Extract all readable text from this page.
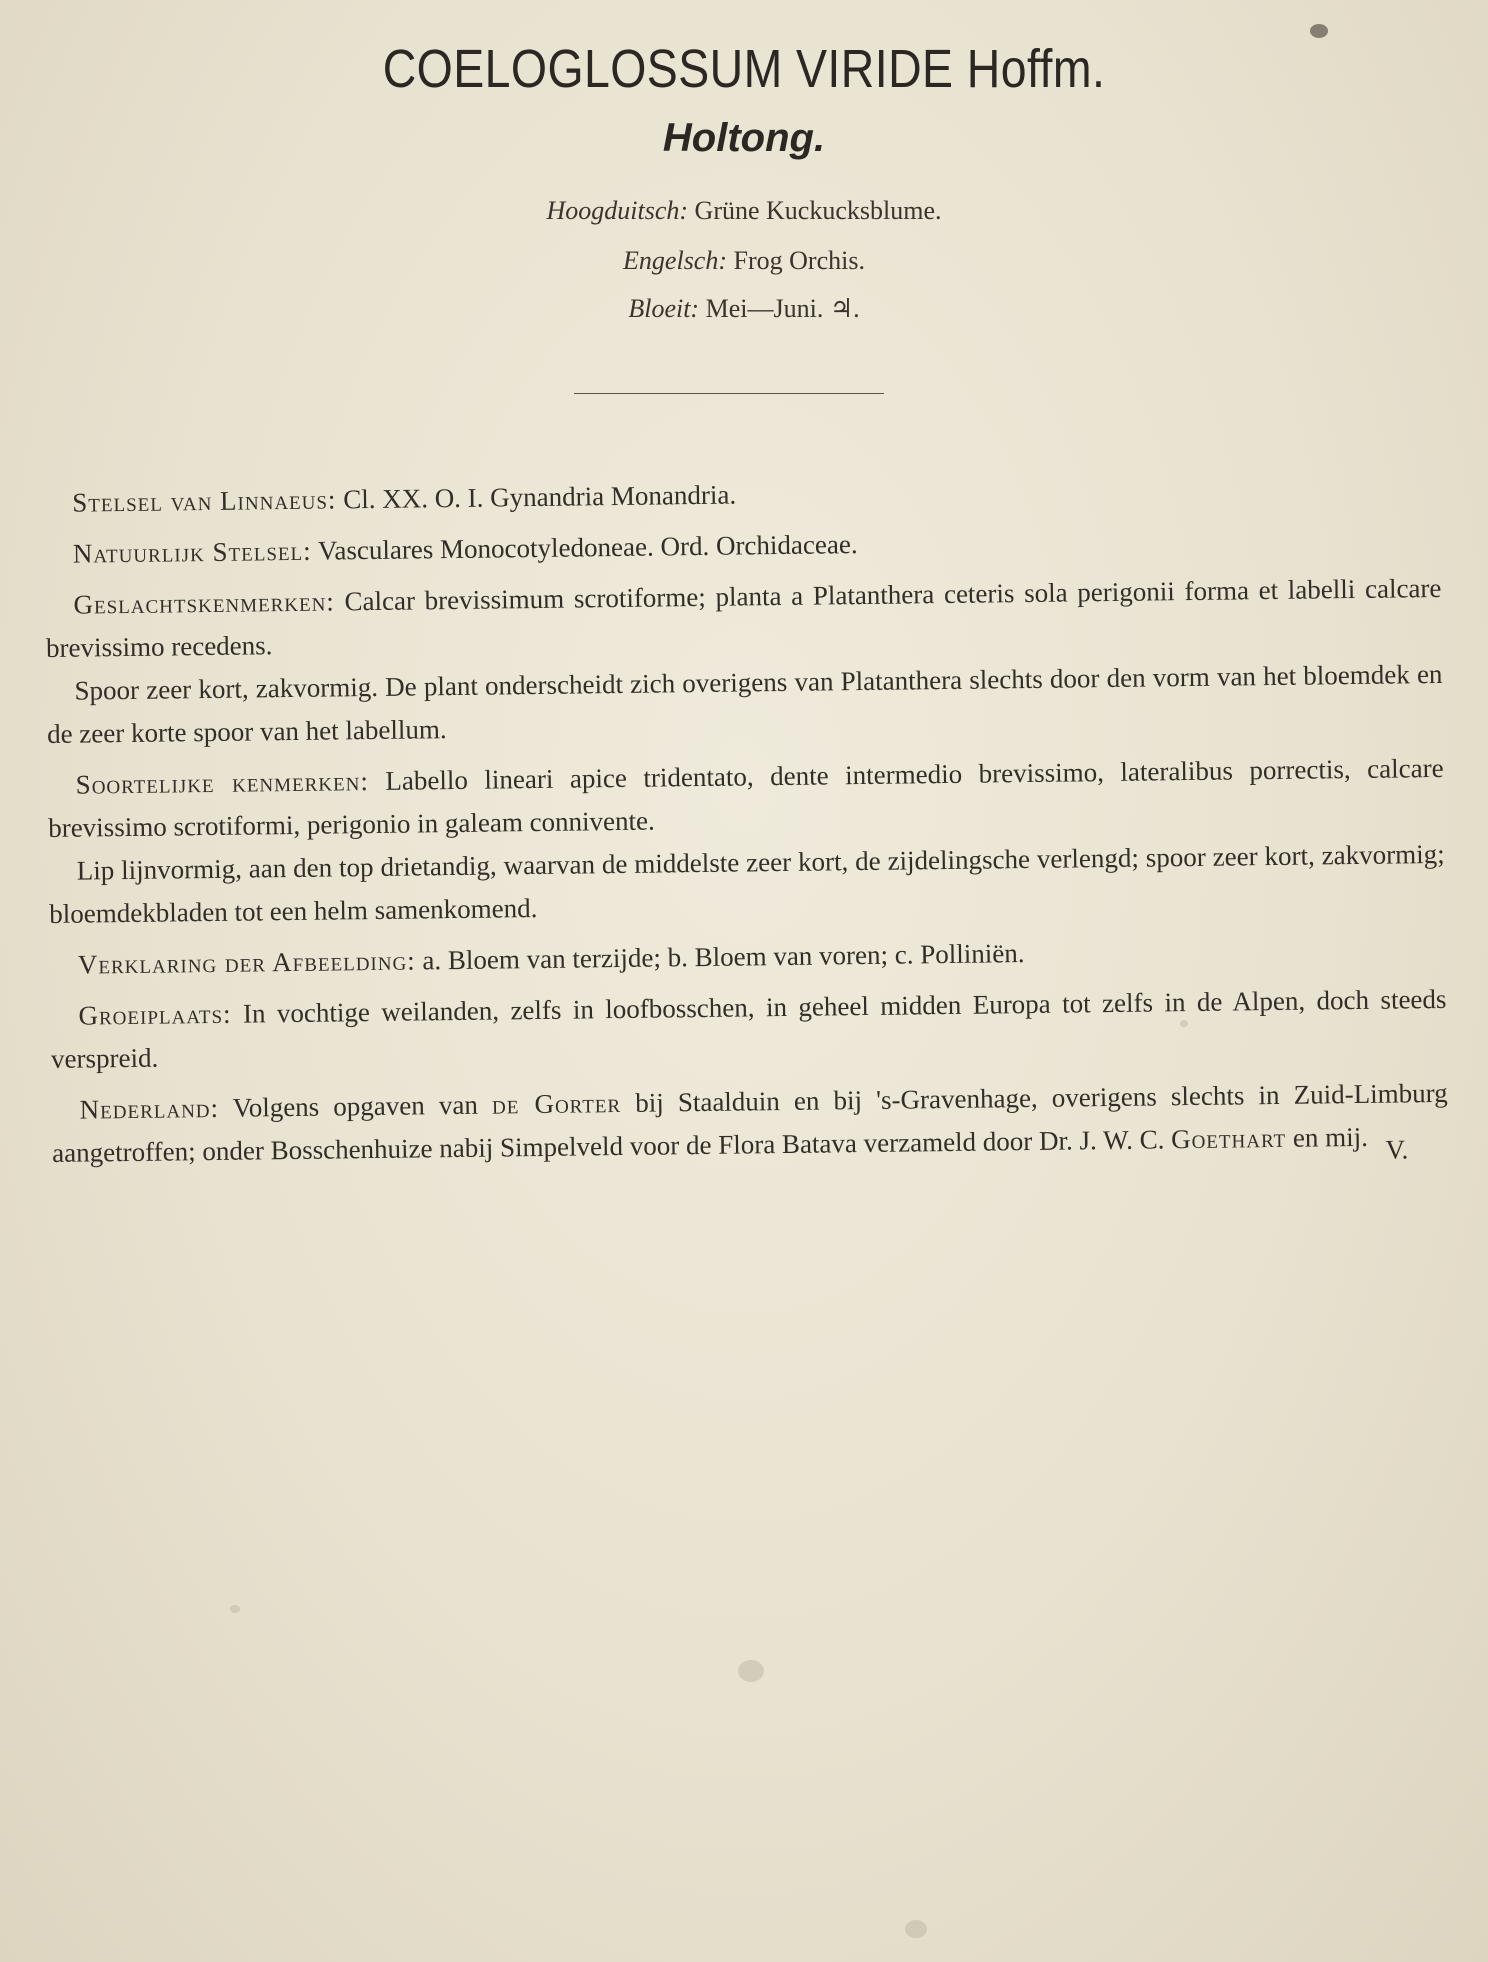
COELOGLOSSUM VIRIDE Hoffm.
Holtong.
Hoogduitsch: Grüne Kuckucksblume.
Engelsch: Frog Orchis.
Bloeit: Mei—Juni. ♃.

Stelsel van Linnaeus: Cl. XX. O. I. Gynandria Monandria.

Natuurlijk Stelsel: Vasculares Monocotyledoneae. Ord. Orchidaceae.

Geslachtskenmerken: Calcar brevissimum scrotiforme; planta a Platanthera ceteris sola perigonii forma et labelli calcare brevissimo recedens.

Spoor zeer kort, zakvormig. De plant onderscheidt zich overigens van Platanthera slechts door den vorm van het bloemdek en de zeer korte spoor van het labellum.

Soortelijke kenmerken: Labello lineari apice tridentato, dente intermedio brevissimo, lateralibus porrectis, calcare brevissimo scrotiformi, perigonio in galeam connivente.

Lip lijnvormig, aan den top drietandig, waarvan de middelste zeer kort, de zijdelingsche verlengd; spoor zeer kort, zakvormig; bloemdekbladen tot een helm samenkomend.

Verklaring der Afbeelding: a. Bloem van terzijde; b. Bloem van voren; c. Polliniën.

Groeiplaats: In vochtige weilanden, zelfs in loofbosschen, in geheel midden Europa tot zelfs in de Alpen, doch steeds verspreid.

Nederland: Volgens opgaven van de Gorter bij Staalduin en bij 's-Gravenhage, overigens slechts in Zuid-Limburg aangetroffen; onder Bosschenhuize nabij Simpelveld voor de Flora Batava verzameld door Dr. J. W. C. Goethart en mij. V.
